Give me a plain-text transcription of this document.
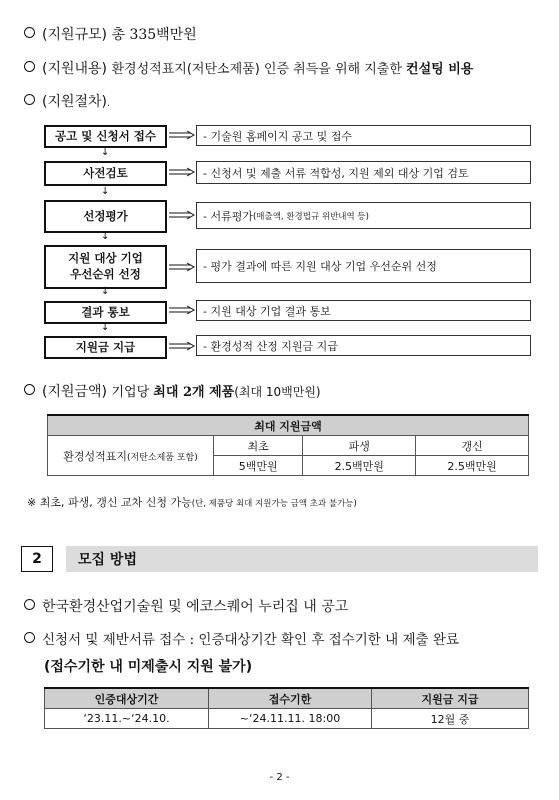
(지원규모) 총 335백만원
(지원내용) 환경성적표지(저탄소제품) 인증 취득을 위해 지출한 컨설팅 비용
(지원절차).
공고 및 신청서 접수	- 기술원 홈페이지 공고 및 접수
↓
사전검토	- 신청서 및 제출 서류 적합성, 지원 제외 대상 기업 검토
↓
선정평가	- 서류평가 (매출액, 환경법규 위반내역 등)
↓
지원 대상 기업
우선순위 선정
- 평가 결과에 따른 지원 대상 기업 우선순위 선정
↓
결과 통보	- 지원 대상 기업 결과 통보
↓
지원금 지급	- 환경성적 산정 지원금 지급
(지원금액) 기업당 최대 2개 제품(최대 10백만원)
최대 지원금액			
환경성적표지(저탄소제품 포함)	최초	파생	갱신
	5백만원	2.5백만원	2.5백만원
※ 최초, 파생, 갱신 교차 신청 가능(단, 제품당 최대 지원가능 금액 초과 불가능)
2	모집 방법
한국환경산업기술원 및 에코스퀘어 누리집 내 공고
신청서 및 제반서류 접수 : 인증대상기간 확인 후 접수기한 내 제출 완료
(접수기한 내 미제출시 지원 불가)
인증대상기간	접수기한	지원금 지급
‘23.11.~‘24.10.	~‘24.11.11. 18:00	12월 중
- 2 -
